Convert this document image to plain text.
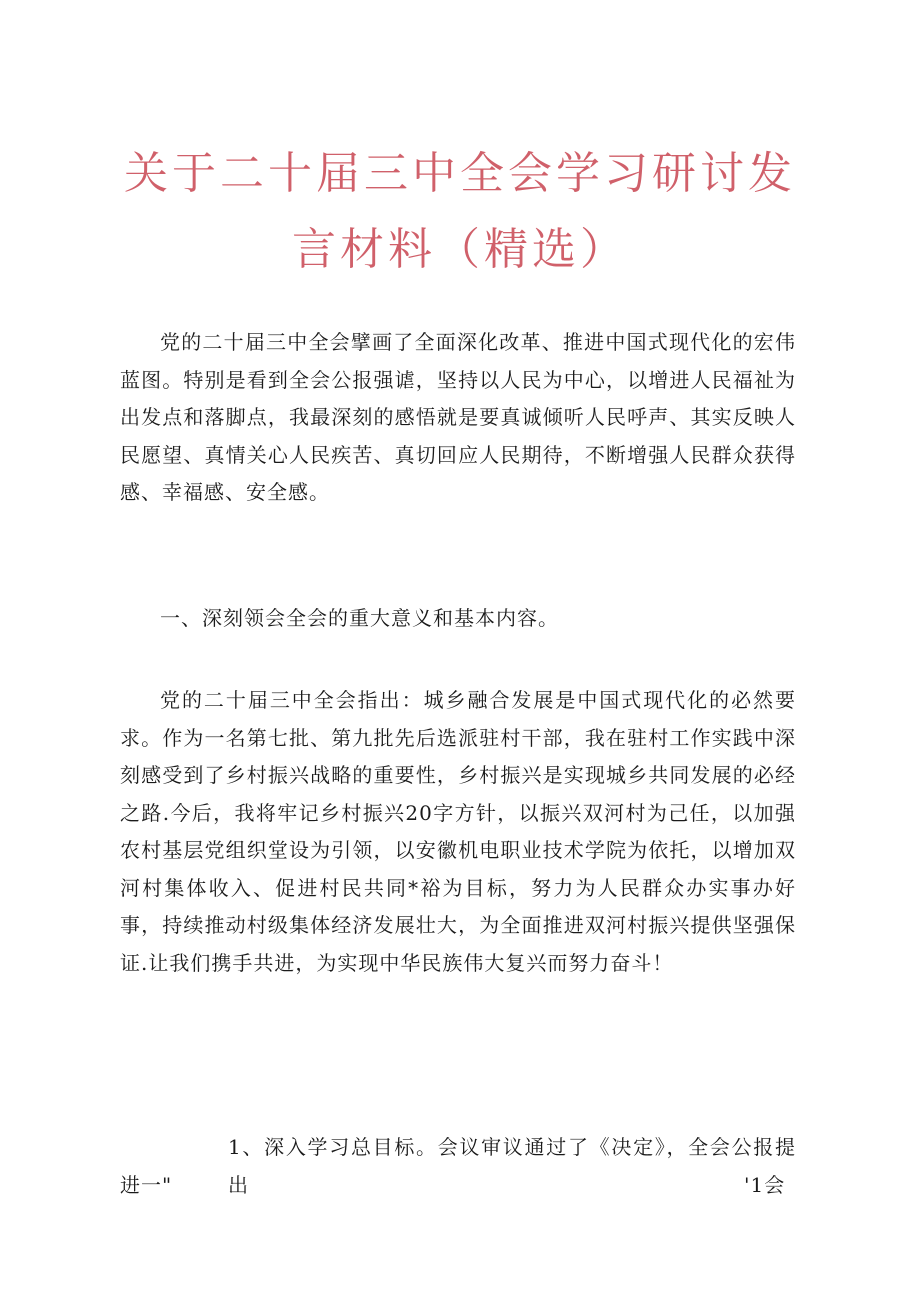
关于二十届三中全会学习研讨发
言材料（精选）

党的二十届三中全会擘画了全面深化改革、推进中国式现代化的宏伟蓝图。特别是看到全会公报强谑，坚持以人民为中心，以增进人民福祉为出发点和落脚点，我最深刻的感悟就是要真诚倾听人民呼声、其实反映人民愿望、真情关心人民疾苦、真切回应人民期待，不断增强人民群众获得感、幸福感、安全感。

一、深刻领会全会的重大意义和基本内容。

党的二十届三中全会指出：城乡融合发展是中国式现代化的必然要求。作为一名第七批、第九批先后选派驻村干部，我在驻村工作实践中深刻感受到了乡村振兴战略的重要性，乡村振兴是实现城乡共同发展的必经之路.今后，我将牢记乡村振兴20字方针，以振兴双河村为己任，以加强农村基层党组织堂设为引领，以安徽机电职业技术学院为依托，以增加双河村集体收入、促进村民共同*裕为目标，努力为人民群众办实事办好事，持续推动村级集体经济发展壮大，为全面推进双河村振兴提供坚强保证.让我们携手共进，为实现中华民族伟大复兴而努力奋斗！

1、深入学习总目标。会议审议通过了《决定》，全会公报提出

进一"	'1会
